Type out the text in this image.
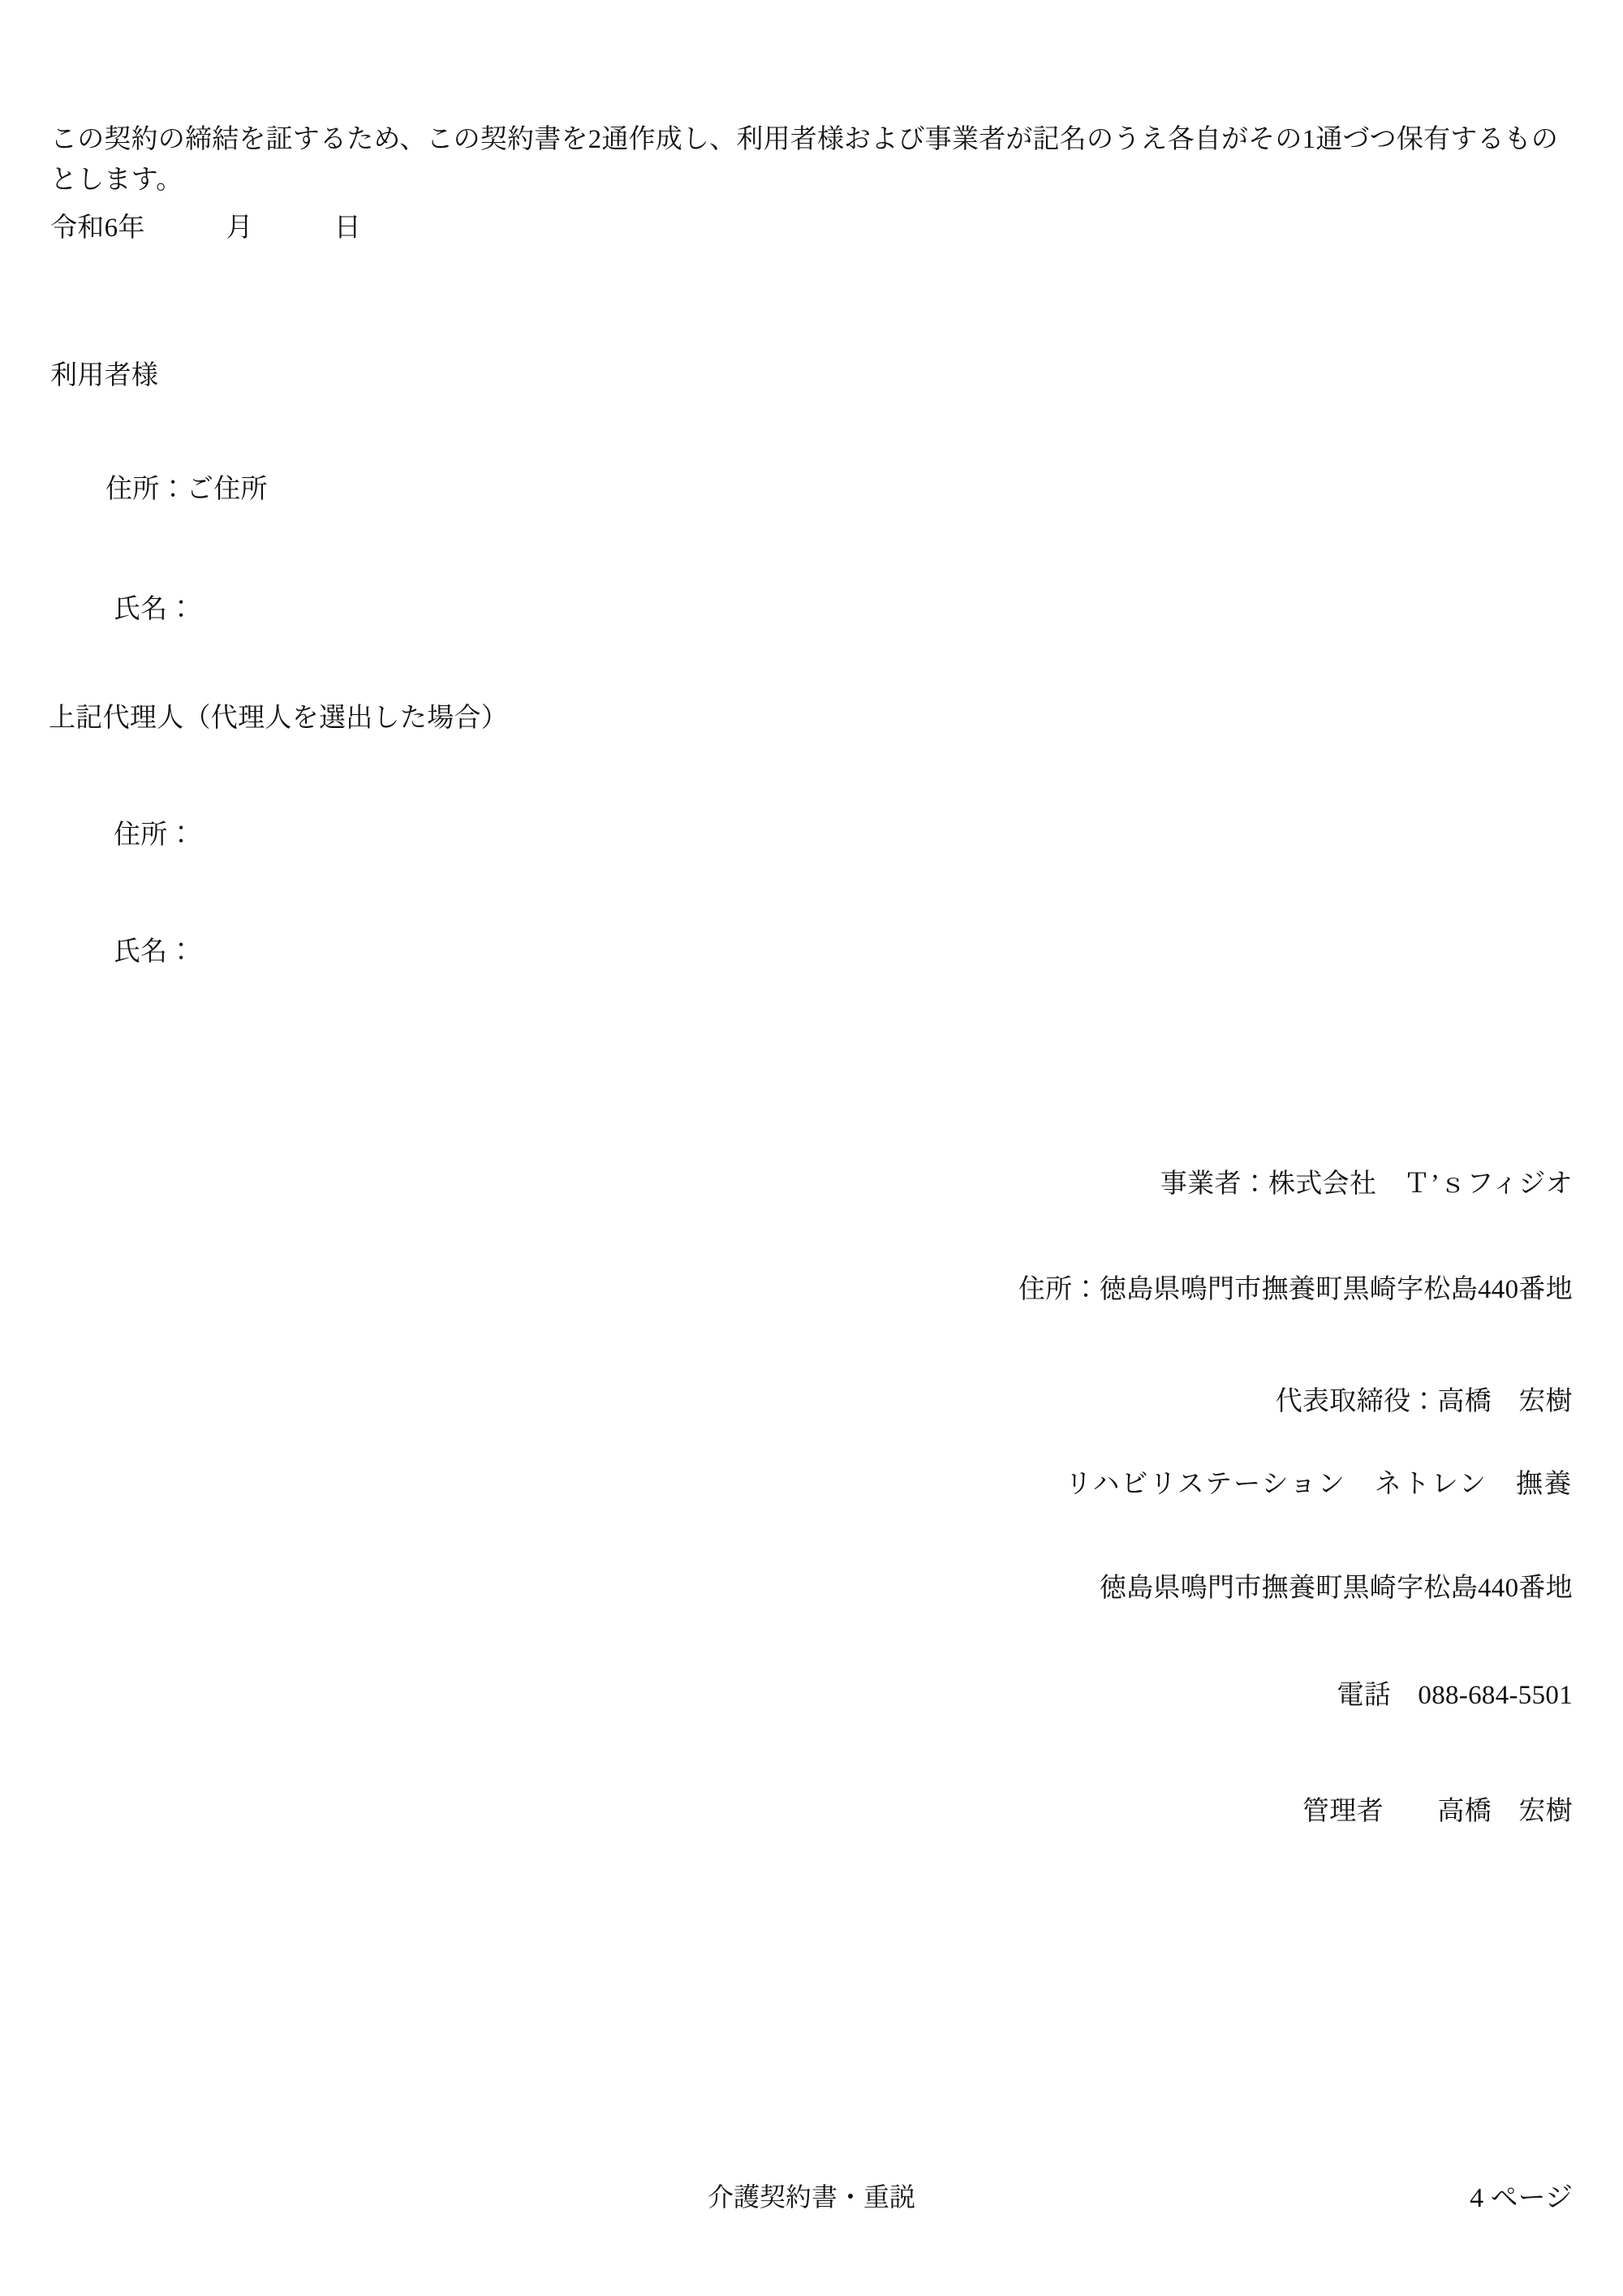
この契約の締結を証するため、この契約書を2通作成し、利用者様および事業者が記名のうえ各自がその1通づつ保有するものとします。
令和6年　　　月　　　日
利用者様
住所：ご住所
氏名：
上記代理人（代理人を選出した場合）
住所：
氏名：
事業者：株式会社　Ｔ’ｓフィジオ
住所：徳島県鳴門市撫養町黒崎字松島440番地
代表取締役：高橋　宏樹
リハビリステーション　ネトレン　撫養
徳島県鳴門市撫養町黒崎字松島440番地
電話　088-684-5501
管理者　　高橋　宏樹
介護契約書・重説	4 ページ
